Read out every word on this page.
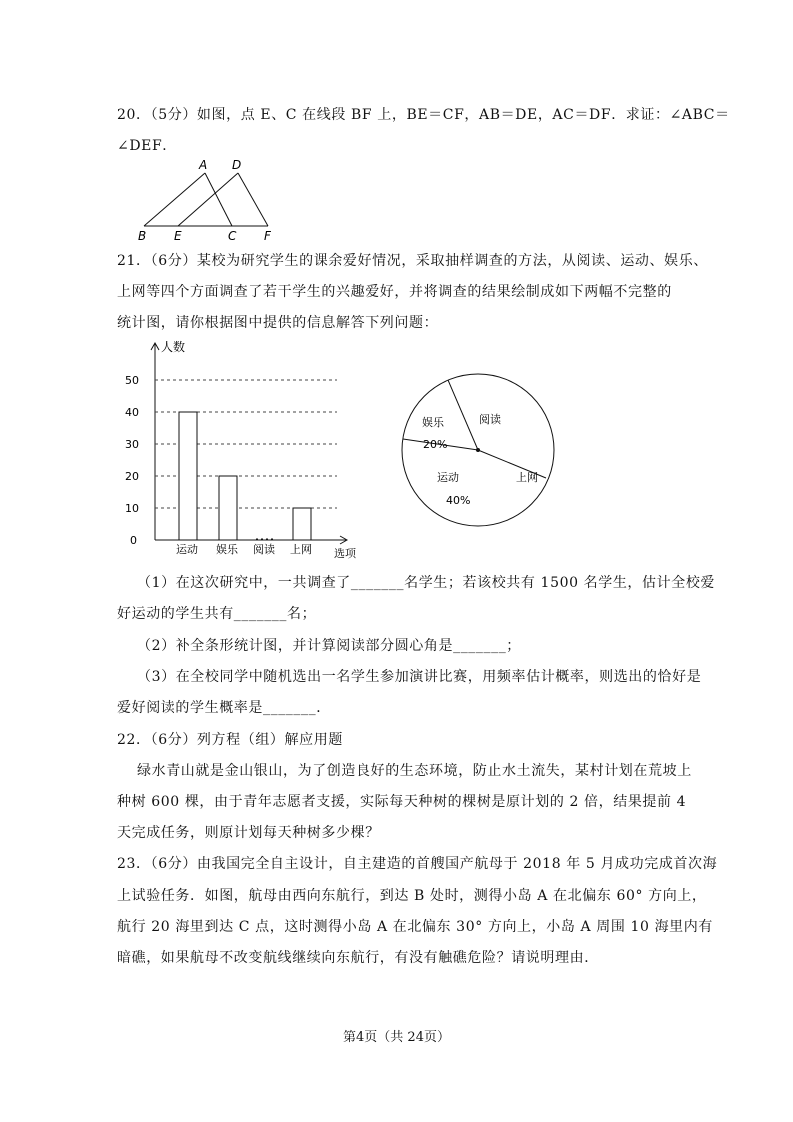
20．（5分）如图，点 E、C 在线段 BF 上，BE＝CF，AB＝DE，AC＝DF．求证：∠ABC＝
∠DEF．
A D
B E	C F
21．（6分）某校为研究学生的课余爱好情况，采取抽样调查的方法，从阅读、运动、娱乐、
上网等四个方面调查了若干学生的兴趣爱好，并将调查的结果绘制成如下两幅不完整的
统计图，请你根据图中提供的信息解答下列问题：
50
40
30
20
10
0
运动 娱乐 阅读 上网
人数
选项
阅读
娱乐
20%
运动
40%
上网
（1）在这次研究中，一共调查了_______名学生；若该校共有 1500 名学生，估计全校爱
好运动的学生共有_______名；
（2）补全条形统计图，并计算阅读部分圆心角是_______；
（3）在全校同学中随机选出一名学生参加演讲比赛，用频率估计概率，则选出的恰好是
爱好阅读的学生概率是_______．
22．（6分）列方程（组）解应用题
绿水青山就是金山银山，为了创造良好的生态环境，防止水土流失，某村计划在荒坡上
种树 600 棵，由于青年志愿者支援，实际每天种树的棵树是原计划的 2 倍，结果提前 4
天完成任务，则原计划每天种树多少棵？
23．（6分）由我国完全自主设计，自主建造的首艘国产航母于 2018 年 5 月成功完成首次海
上试验任务．如图，航母由西向东航行，到达 B 处时，测得小岛 A 在北偏东 60° 方向上，
航行 20 海里到达 C 点，这时测得小岛 A 在北偏东 30° 方向上，小岛 A 周围 10 海里内有
暗礁，如果航母不改变航线继续向东航行，有没有触礁危险？请说明理由．
第4页（共 24页）
